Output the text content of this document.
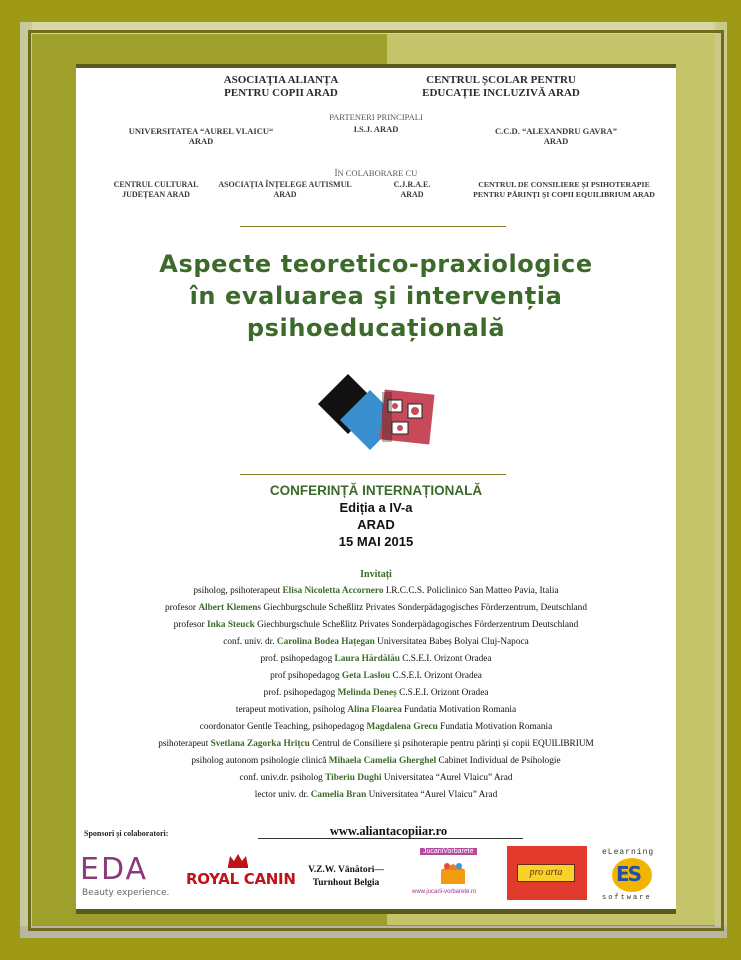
ASOCIAȚIA ALIANȚA
PENTRU COPII ARAD
CENTRUL ȘCOLAR PENTRU
EDUCAȚIE INCLUZIVĂ ARAD
PARTENERI PRINCIPALI
UNIVERSITATEA “AUREL VLAICU“
ARAD
I.S.J. ARAD	C.C.D. “ALEXANDRU GAVRA”
ARAD
ÎN COLABORARE CU
CENTRUL CULTURAL
JUDEȚEAN ARAD
ASOCIAȚIA ÎNȚELEGE AUTISMUL
ARAD
C.J.R.A.E.
ARAD
CENTRUL DE CONSILIERE ȘI PSIHOTERAPIE
PENTRU PĂRINȚI ȘI COPII EQUILIBRIUM ARAD
Aspecte teoretico-praxiologice
în evaluarea şi intervenția
psihoeducațională
CONFERINȚĂ INTERNAȚIONALĂ
Ediția a IV-a
ARAD
15 MAI 2015
Invitați
psiholog, psihoterapeut Elisa Nicoletta Accornero I.R.C.C.S. Policlinico San Matteo Pavia, Italia
profesor Albert Klemens Giechburgschule Scheßlitz Privates Sonderpädagogisches Förderzentrum, Deutschland
profesor Inka Steuck Giechburgschule Scheßlitz Privates Sonderpädagogisches Förderzentrum Deutschland
conf. univ. dr. Carolina Bodea Hațegan Universitatea Babeș Bolyai Cluj-Napoca
prof. psihopedagog Laura Hărdălău C.S.E.I. Orizont Oradea
prof psihopedagog Geta Laslou C.S.E.I. Orizont Oradea
prof. psihopedagog Melinda Deneș C.S.E.I. Orizont Oradea
terapeut motivation, psiholog Alina Floarea Fundatia Motivation Romania
coordonator Gentle Teaching, psihopedagog Magdalena Grecu Fundatia Motivation Romania
psihoterapeut Svetlana Zagorka Hrițcu Centrul de Consiliere și psihoterapie pentru părinți și copii EQUILIBRIUM
psiholog autonom psihologie clinică Mihaela Camelia Gherghel Cabinet Individual de Psihologie
conf. univ.dr. psiholog Tiberiu Dughi Universitatea “Aurel Vlaicu” Arad
lector univ. dr. Camelia Bran Universitatea “Aurel Vlaicu” Arad
Sponsori și colaboratori:	www.aliantacopiiar.ro
EDA
Beauty experience.
ROYAL CANIN	V.Z.W. Vânători—
Turnhout Belgia
JucariiVorbarete
www.jucarii-vorbarete.ro
pro arta
eLearning
ES
software
